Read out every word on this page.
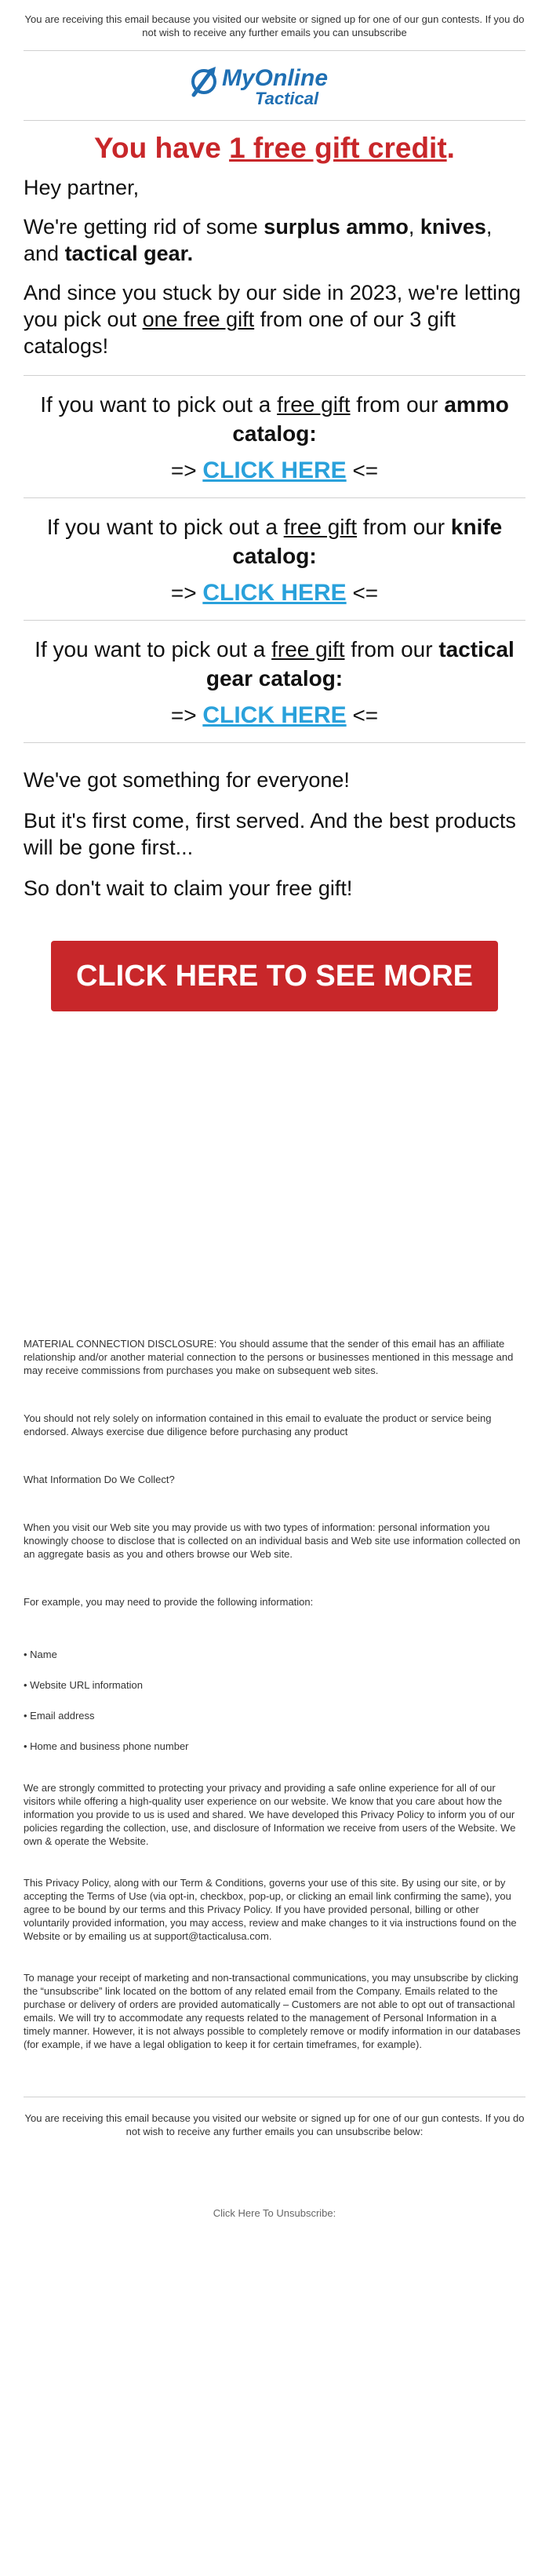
You are receiving this email because you visited our website or signed up for one of our gun contests. If you do not wish to receive any further emails you can unsubscribe
MyOnline
Tactical
You have 1 free gift credit.

Hey partner,

We're getting rid of some surplus ammo, knives, and tactical gear.

And since you stuck by our side in 2023, we're letting you pick out one free gift from one of our 3 gift catalogs!

If you want to pick out a free gift from our ammo catalog:
=> CLICK HERE <=
If you want to pick out a free gift from our knife catalog:
=> CLICK HERE <=
If you want to pick out a free gift from our tactical gear catalog:
=> CLICK HERE <=

We've got something for everyone!

But it's first come, first served. And the best products will be gone first...

So don't wait to claim your free gift!

CLICK HERE TO SEE MORE

MATERIAL CONNECTION DISCLOSURE: You should assume that the sender of this email has an affiliate relationship and/or another material connection to the persons or businesses mentioned in this message and may receive commissions from purchases you make on subsequent web sites.

You should not rely solely on information contained in this email to evaluate the product or service being endorsed. Always exercise due diligence before purchasing any product

What Information Do We Collect?

When you visit our Web site you may provide us with two types of information: personal information you knowingly choose to disclose that is collected on an individual basis and Web site use information collected on an aggregate basis as you and others browse our Web site.

For example, you may need to provide the following information:

• Name
• Website URL information
• Email address
• Home and business phone number

We are strongly committed to protecting your privacy and providing a safe online experience for all of our visitors while offering a high-quality user experience on our website. We know that you care about how the information you provide to us is used and shared. We have developed this Privacy Policy to inform you of our policies regarding the collection, use, and disclosure of Information we receive from users of the Website. We own & operate the Website.

This Privacy Policy, along with our Term & Conditions, governs your use of this site. By using our site, or by accepting the Terms of Use (via opt-in, checkbox, pop-up, or clicking an email link confirming the same), you agree to be bound by our terms and this Privacy Policy. If you have provided personal, billing or other voluntarily provided information, you may access, review and make changes to it via instructions found on the Website or by emailing us at support@tacticalusa.com.

To manage your receipt of marketing and non-transactional communications, you may unsubscribe by clicking the “unsubscribe” link located on the bottom of any related email from the Company. Emails related to the purchase or delivery of orders are provided automatically – Customers are not able to opt out of transactional emails. We will try to accommodate any requests related to the management of Personal Information in a timely manner. However, it is not always possible to completely remove or modify information in our databases (for example, if we have a legal obligation to keep it for certain timeframes, for example).

You are receiving this email because you visited our website or signed up for one of our gun contests. If you do not wish to receive any further emails you can unsubscribe below:
Click Here To Unsubscribe:
